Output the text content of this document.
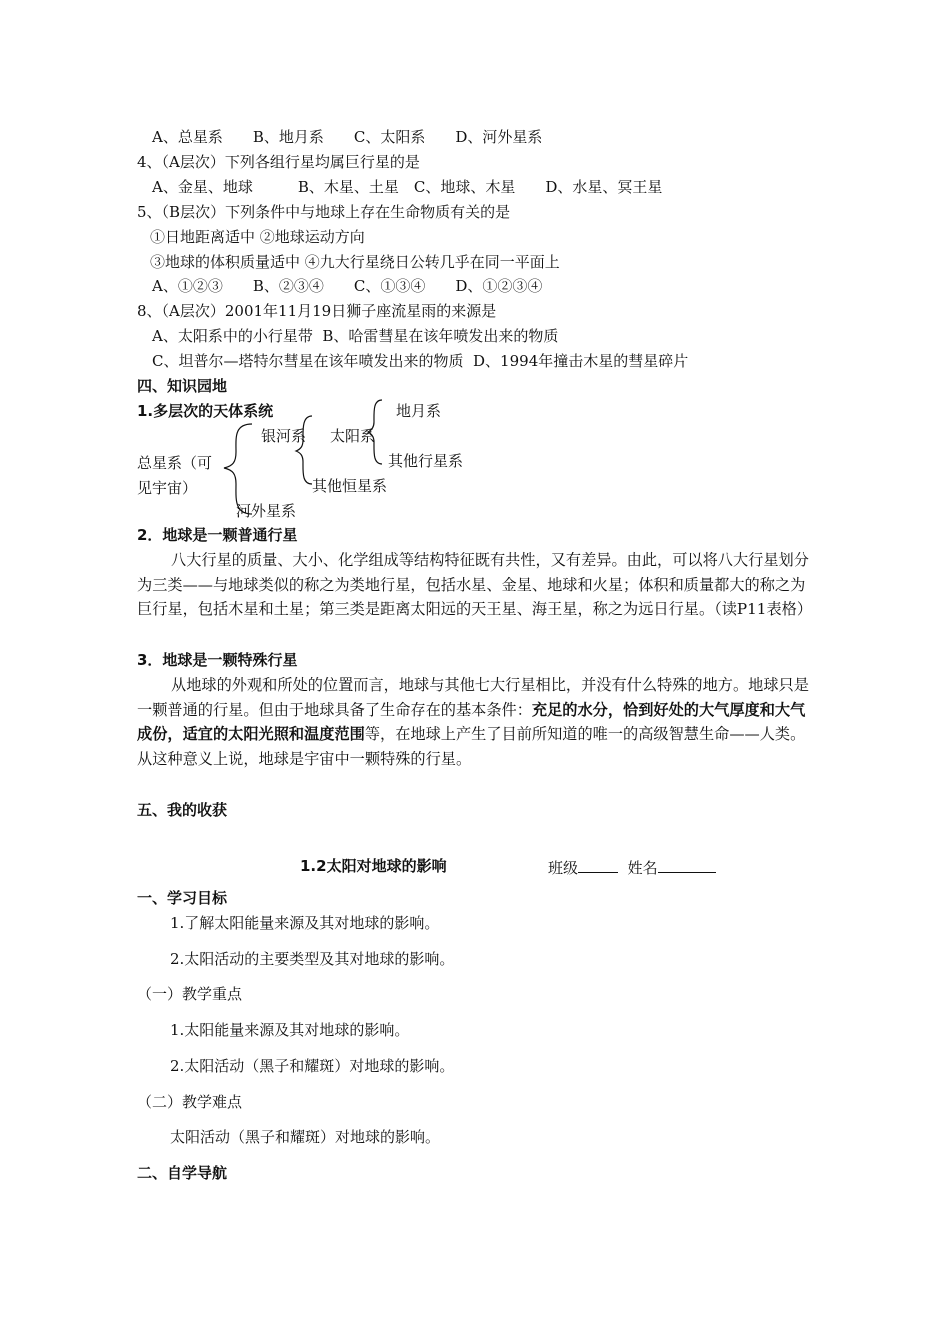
A、总星系　　B、地月系　　C、太阳系　　D、河外星系
4、（A层次）下列各组行星均属巨行星的是
A、金星、地球　　　B、木星、土星　C、地球、木星　　D、水星、冥王星
5、（B层次）下列条件中与地球上存在生命物质有关的是
①日地距离适中 ②地球运动方向
③地球的体积质量适中 ④九大行星绕日公转几乎在同一平面上
A、①②③　　B、②③④　　C、①③④　　D、①②③④
8、（A层次）2001年11月19日狮子座流星雨的来源是
A、太阳系中的小行星带 B、哈雷彗星在该年喷发出来的物质
C、坦普尔—塔特尔彗星在该年喷发出来的物质 D、1994年撞击木星的彗星碎片
四、知识园地
1.多层次的天体系统
总星系（可
见宇宙）
银河系 太阳系
地月系
其他行星系
其他恒星系
河外星系
2．地球是一颗普通行星
八大行星的质量、大小、化学组成等结构特征既有共性，又有差异。由此，可以将八大行星划分为三类——与地球类似的称之为类地行星，包括水星、金星、地球和火星；体积和质量都大的称之为巨行星，包括木星和土星；第三类是距离太阳远的天王星、海王星，称之为远日行星。（读P11表格）
3．地球是一颗特殊行星
从地球的外观和所处的位置而言，地球与其他七大行星相比，并没有什么特殊的地方。地球只是一颗普通的行星。但由于地球具备了生命存在的基本条件：充足的水分，恰到好处的大气厚度和大气成份，适宜的太阳光照和温度范围等，在地球上产生了目前所知道的唯一的高级智慧生命——人类。从这种意义上说，地球是宇宙中一颗特殊的行星。
五、我的收获
1.2太阳对地球的影响	班级	姓名
一、学习目标
1.了解太阳能量来源及其对地球的影响。
2.太阳活动的主要类型及其对地球的影响。
（一）教学重点
1.太阳能量来源及其对地球的影响。
2.太阳活动（黑子和耀斑）对地球的影响。
（二）教学难点
太阳活动（黑子和耀斑）对地球的影响。
二、自学导航
